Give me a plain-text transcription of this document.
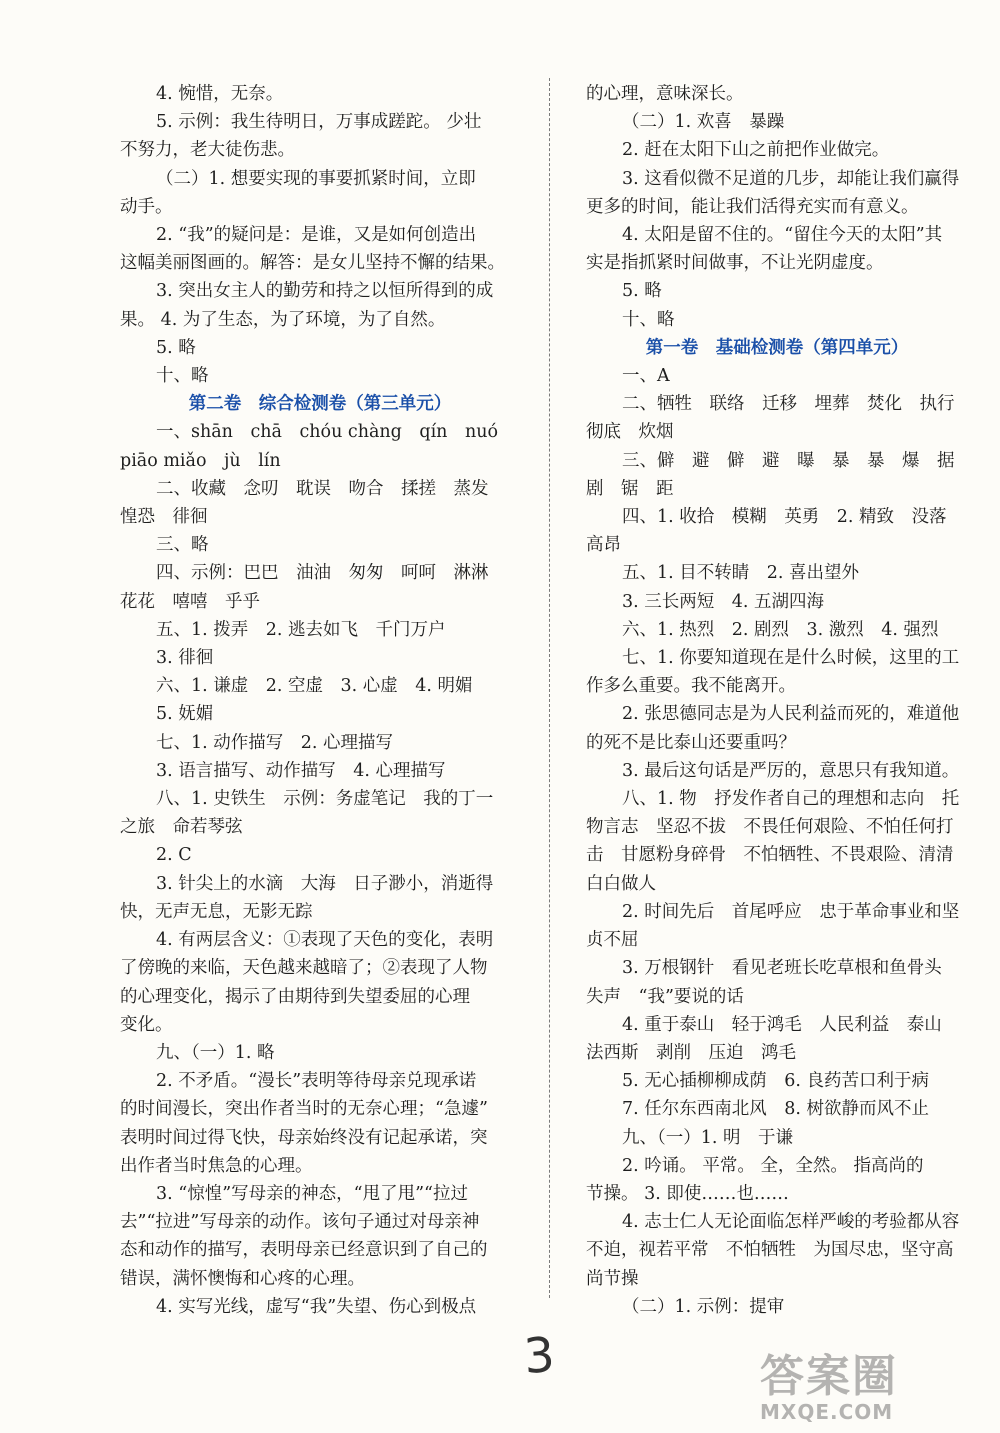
4. 惋惜，无奈。
5. 示例：我生待明日，万事成蹉跎。 少壮
不努力，老大徒伤悲。
（二）1. 想要实现的事要抓紧时间，立即
动手。
2. “我”的疑问是：是谁，又是如何创造出
这幅美丽图画的。解答：是女儿坚持不懈的结果。
3. 突出女主人的勤劳和持之以恒所得到的成
果。 4. 为了生态，为了环境，为了自然。
5. 略
十、略
第二卷　综合检测卷（第三单元）
一、shān　chā　chóu chàng　qín　nuó
piāo miǎo　jù　lín
二、收藏　念叨　耽误　吻合　揉搓　蒸发
惶恐　徘徊
三、略
四、示例：巴巴　油油　匆匆　呵呵　淋淋
花花　嘻嘻　乎乎
五、1. 拨弄　2. 逃去如飞　千门万户
3. 徘徊
六、1. 谦虚　2. 空虚　3. 心虚　4. 明媚
5. 妩媚
七、1. 动作描写　2. 心理描写
3. 语言描写、动作描写　4. 心理描写
八、1. 史铁生　示例：务虚笔记　我的丁一
之旅　命若琴弦
2. C
3. 针尖上的水滴　大海　日子渺小，消逝得
快，无声无息，无影无踪
4. 有两层含义：①表现了天色的变化，表明
了傍晚的来临，天色越来越暗了；②表现了人物
的心理变化，揭示了由期待到失望委屈的心理
变化。
九、（一）1. 略
2. 不矛盾。“漫长”表明等待母亲兑现承诺
的时间漫长，突出作者当时的无奈心理；“急遽”
表明时间过得飞快，母亲始终没有记起承诺，突
出作者当时焦急的心理。
3. “惊惶”写母亲的神态，“甩了甩”“拉过
去”“拉进”写母亲的动作。该句子通过对母亲神
态和动作的描写，表明母亲已经意识到了自己的
错误，满怀懊悔和心疼的心理。
4. 实写光线，虚写“我”失望、伤心到极点
的心理，意味深长。
（二）1. 欢喜　暴躁
2. 赶在太阳下山之前把作业做完。
3. 这看似微不足道的几步，却能让我们赢得
更多的时间，能让我们活得充实而有意义。
4. 太阳是留不住的。“留住今天的太阳”其
实是指抓紧时间做事，不让光阴虚度。
5. 略
十、略
第一卷　基础检测卷（第四单元）
一、A
二、牺牲　联络　迁移　埋葬　焚化　执行
彻底　炊烟
三、僻　避　僻　避　曝　暴　暴　爆　据
剧　锯　距
四、1. 收拾　模糊　英勇　2. 精致　没落
高昂
五、1. 目不转睛　2. 喜出望外
3. 三长两短　4. 五湖四海
六、1. 热烈　2. 剧烈　3. 激烈　4. 强烈
七、1. 你要知道现在是什么时候，这里的工
作多么重要。我不能离开。
2. 张思德同志是为人民利益而死的，难道他
的死不是比泰山还要重吗？
3. 最后这句话是严厉的，意思只有我知道。
八、1. 物　抒发作者自己的理想和志向　托
物言志　坚忍不拔　不畏任何艰险、不怕任何打
击　甘愿粉身碎骨　不怕牺牲、不畏艰险、清清
白白做人
2. 时间先后　首尾呼应　忠于革命事业和坚
贞不屈
3. 万根钢针　看见老班长吃草根和鱼骨头
失声　“我”要说的话
4. 重于泰山　轻于鸿毛　人民利益　泰山
法西斯　剥削　压迫　鸿毛
5. 无心插柳柳成荫　6. 良药苦口利于病
7. 任尔东西南北风　8. 树欲静而风不止
九、（一）1. 明　于谦
2. 吟诵。 平常。 全，全然。 指高尚的
节操。 3. 即使……也……
4. 志士仁人无论面临怎样严峻的考验都从容
不迫，视若平常　不怕牺牲　为国尽忠，坚守高
尚节操
（二）1. 示例：提审
3	答案圈
MXQE.COM
